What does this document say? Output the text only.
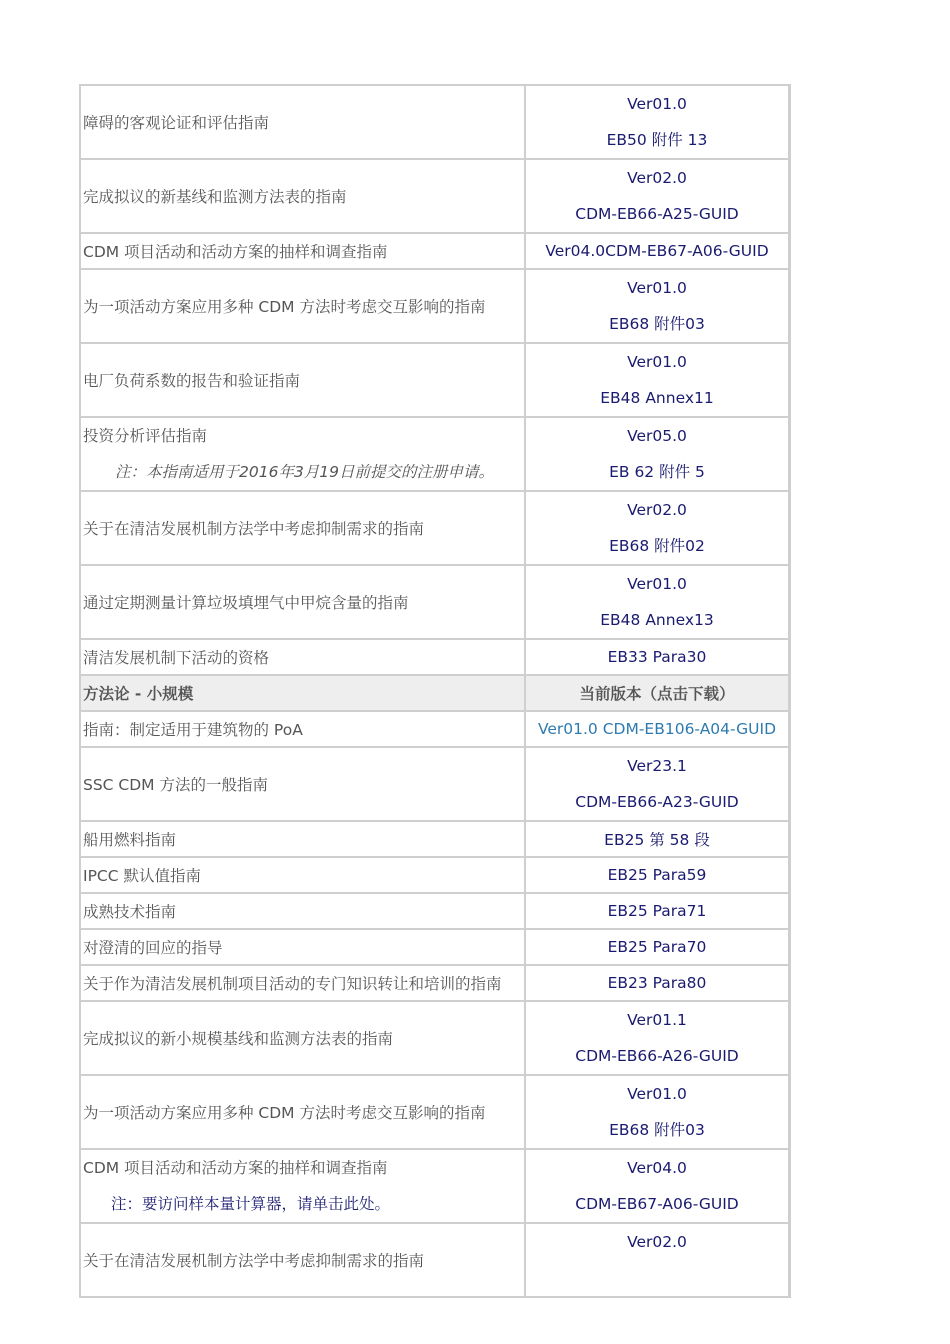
障碍的客观论证和评估指南	Ver01.0
EB50 附件 13

完成拟议的新基线和监测方法表的指南	Ver02.0
CDM-EB66-A25-GUID

CDM 项目活动和活动方案的抽样和调查指南	Ver04.0CDM-EB67-A06-GUID
为一项活动方案应用多种 CDM 方法时考虑交互影响的指南	Ver01.0
EB68 附件03

电厂负荷系数的报告和验证指南	Ver01.0
EB48 Annex11

投资分析评估指南
注：本指南适用于2016年3月19日前提交的注册申请。	Ver05.0
EB 62 附件 5

关于在清洁发展机制方法学中考虑抑制需求的指南	Ver02.0
EB68 附件02

通过定期测量计算垃圾填埋气中甲烷含量的指南	Ver01.0
EB48 Annex13

清洁发展机制下活动的资格	EB33 Para30
方法论 - 小规模	当前版本（点击下载）
指南：制定适用于建筑物的 PoA	Ver01.0 CDM-EB106-A04-GUID
SSC CDM 方法的一般指南	Ver23.1
CDM-EB66-A23-GUID

船用燃料指南	EB25 第 58 段
IPCC 默认值指南	EB25 Para59
成熟技术指南	EB25 Para71
对澄清的回应的指导	EB25 Para70
关于作为清洁发展机制项目活动的专门知识转让和培训的指南	EB23 Para80
完成拟议的新小规模基线和监测方法表的指南	Ver01.1
CDM-EB66-A26-GUID

为一项活动方案应用多种 CDM 方法时考虑交互影响的指南	Ver01.0
EB68 附件03

CDM 项目活动和活动方案的抽样和调查指南
注：要访问样本量计算器，请单击此处。	Ver04.0
CDM-EB67-A06-GUID

关于在清洁发展机制方法学中考虑抑制需求的指南	Ver02.0
